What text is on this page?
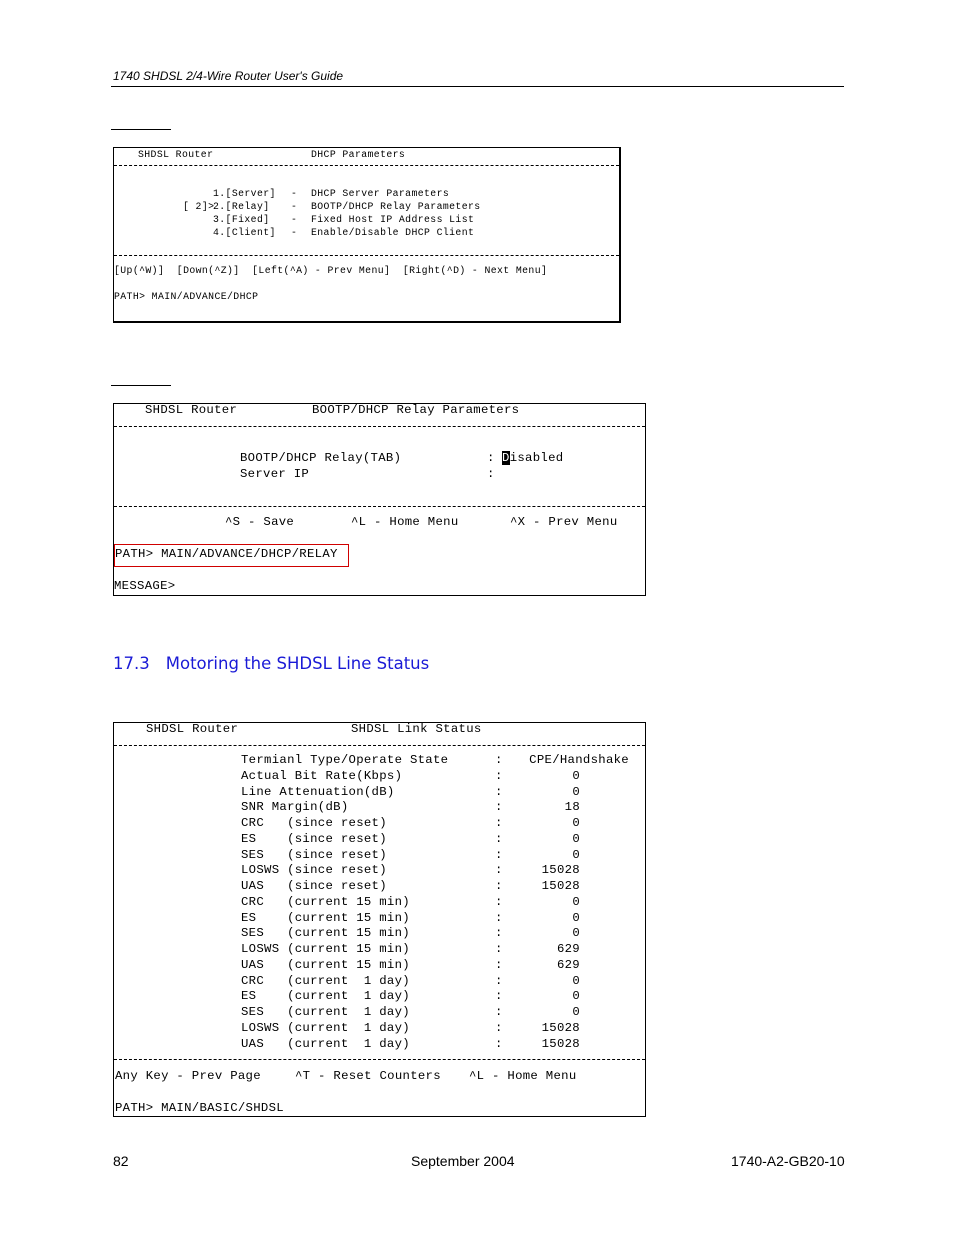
1740 SHDSL 2/4-Wire Router User's Guide
SHDSL Router	DHCP Parameters
1.[Server] - DHCP Server Parameters
[ 2]>
2.[Relay] - BOOTP/DHCP Relay Parameters
3.[Fixed] - Fixed Host IP Address List
4.[Client] - Enable/Disable DHCP Client
[Up(^W)]  [Down(^Z)]  [Left(^A) - Prev Menu]  [Right(^D) - Next Menu]
PATH> MAIN/ADVANCE/DHCP
SHDSL Router	BOOTP/DHCP Relay Parameters
BOOTP/DHCP Relay(TAB)	: Disabled
Server IP	:
^S - Save	^L - Home Menu	^X - Prev Menu
PATH> MAIN/ADVANCE/DHCP/RELAY
MESSAGE>
17.3 Motoring the SHDSL Line Status
SHDSL Router	SHDSL Link Status
Termianl Type/Operate State	: CPE/Handshake
Actual Bit Rate(Kbps)	:	0
Line Attenuation(dB)	:	0
SNR Margin(dB)	:	18
CRC   (since reset)	:	0
ES    (since reset)	:	0
SES   (since reset)	:	0
LOSWS (since reset)	:	15028
UAS   (since reset)	:	15028
CRC   (current 15 min)	:	0
ES    (current 15 min)	:	0
SES   (current 15 min)	:	0
LOSWS (current 15 min)	:	629
UAS   (current 15 min)	:	629
CRC   (current  1 day)	:	0
ES    (current  1 day)	:	0
SES   (current  1 day)	:	0
LOSWS (current  1 day)	:	15028
UAS   (current  1 day)	:	15028
Any Key - Prev Page	^T - Reset Counters ^L - Home Menu
PATH> MAIN/BASIC/SHDSL
82	September 2004	1740-A2-GB20-10
